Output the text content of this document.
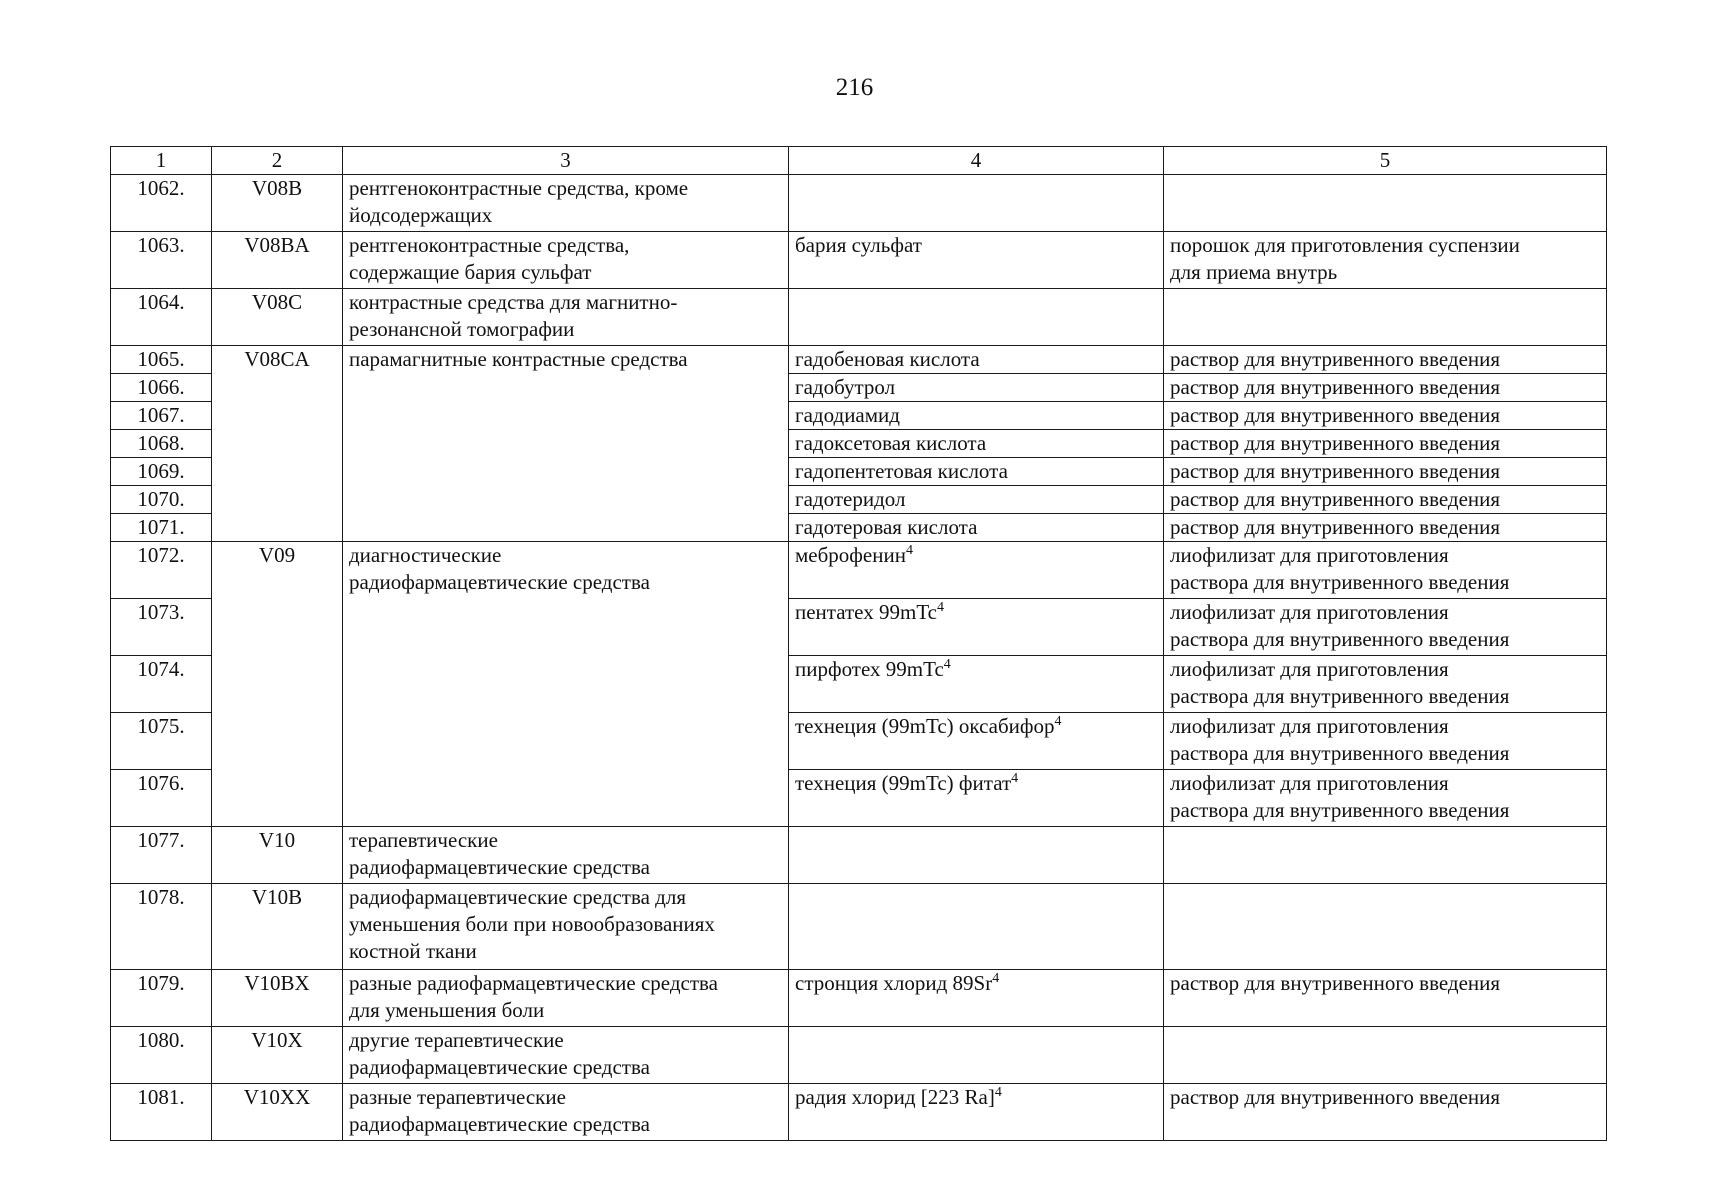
216
1	2	3	4	5
1062.	V08B	рентгеноконтрастные средства, кроме
йодсодержащих		

1063.	V08BA	рентгеноконтрастные средства,
содержащие бария сульфат	бария сульфат	порошок для приготовления суспензии
для приема внутрь

1064.	V08C	контрастные средства для магнитно-
резонансной томографии		

1065.	V08CA	парамагнитные контрастные средства	гадобеновая кислота	раствор для внутривенного введения
1066.			гадобутрол	раствор для внутривенного введения
1067.			гадодиамид	раствор для внутривенного введения
1068.			гадоксетовая кислота	раствор для внутривенного введения
1069.			гадопентетовая кислота	раствор для внутривенного введения
1070.			гадотеридол	раствор для внутривенного введения
1071.			гадотеровая кислота	раствор для внутривенного введения
1072.	V09	диагностические
радиофармацевтические средства	меброфенин$^4$	лиофилизат для приготовления
раствора для внутривенного введения

1073.			пентатех 99mTc$^4$	лиофилизат для приготовления
раствора для внутривенного введения

1074.			пирфотех 99mTc$^4$	лиофилизат для приготовления
раствора для внутривенного введения

1075.			технеция (99mTc) оксабифор$^4$	лиофилизат для приготовления
раствора для внутривенного введения

1076.			технеция (99mTc) фитат$^4$	лиофилизат для приготовления
раствора для внутривенного введения

1077.	V10	терапевтические
радиофармацевтические средства		

1078.	V10B	радиофармацевтические средства для
уменьшения боли при новообразованиях
костной ткани		

1079.	V10BX	разные радиофармацевтические средства
для уменьшения боли	стронция хлорид 89Sr$^4$	раствор для внутривенного введения
1080.	V10X	другие терапевтические
радиофармацевтические средства		

1081.	V10XX	разные терапевтические
радиофармацевтические средства	радия хлорид [223 Ra]$^4$	раствор для внутривенного введения
